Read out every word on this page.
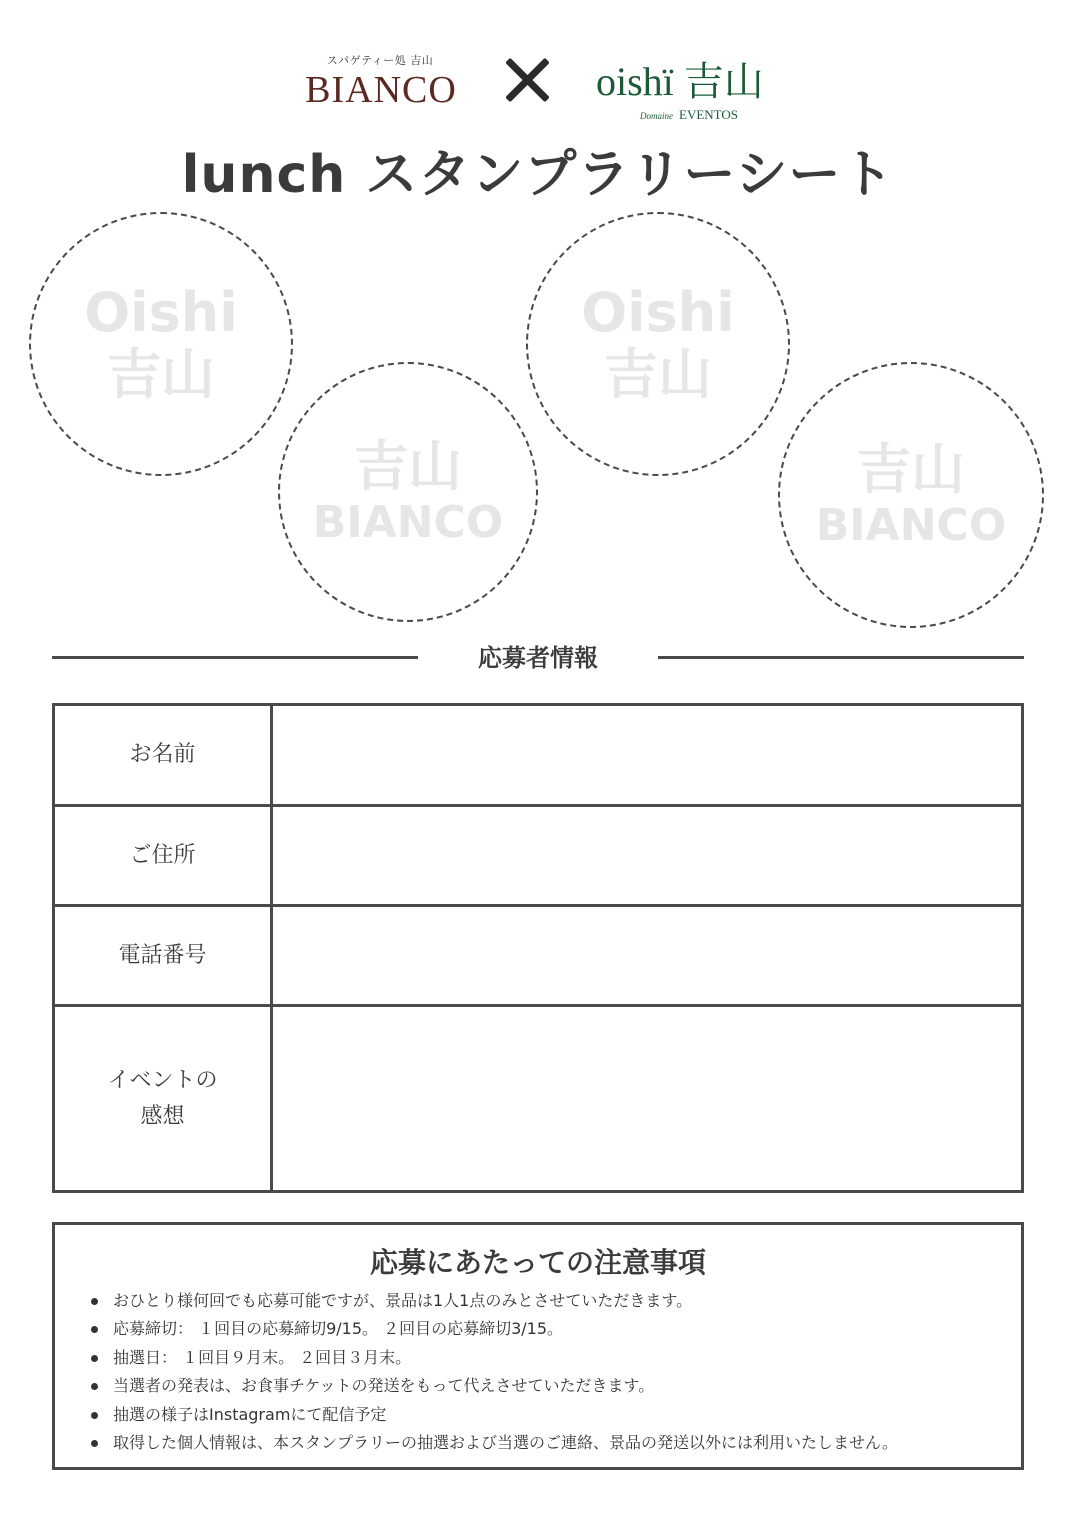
スパゲティー処 吉山
BIANCO	oishï 吉山
Domaine EVENTOS
lunch スタンプラリーシート
Oishi
吉山
吉山
BIANCO
Oishi
吉山
吉山
BIANCO
応募者情報
お名前
ご住所
電話番号
イベントの
感想
応募にあたっての注意事項
おひとり様何回でも応募可能ですが、景品は1人1点のみとさせていただきます。
応募締切： １回目の応募締切9/15。 ２回目の応募締切3/15。
抽選日： １回目９月末。 ２回目３月末。
当選者の発表は、お食事チケットの発送をもって代えさせていただきます。
抽選の様子はInstagramにて配信予定
取得した個人情報は、本スタンプラリーの抽選および当選のご連絡、景品の発送以外には利用いたしません。
